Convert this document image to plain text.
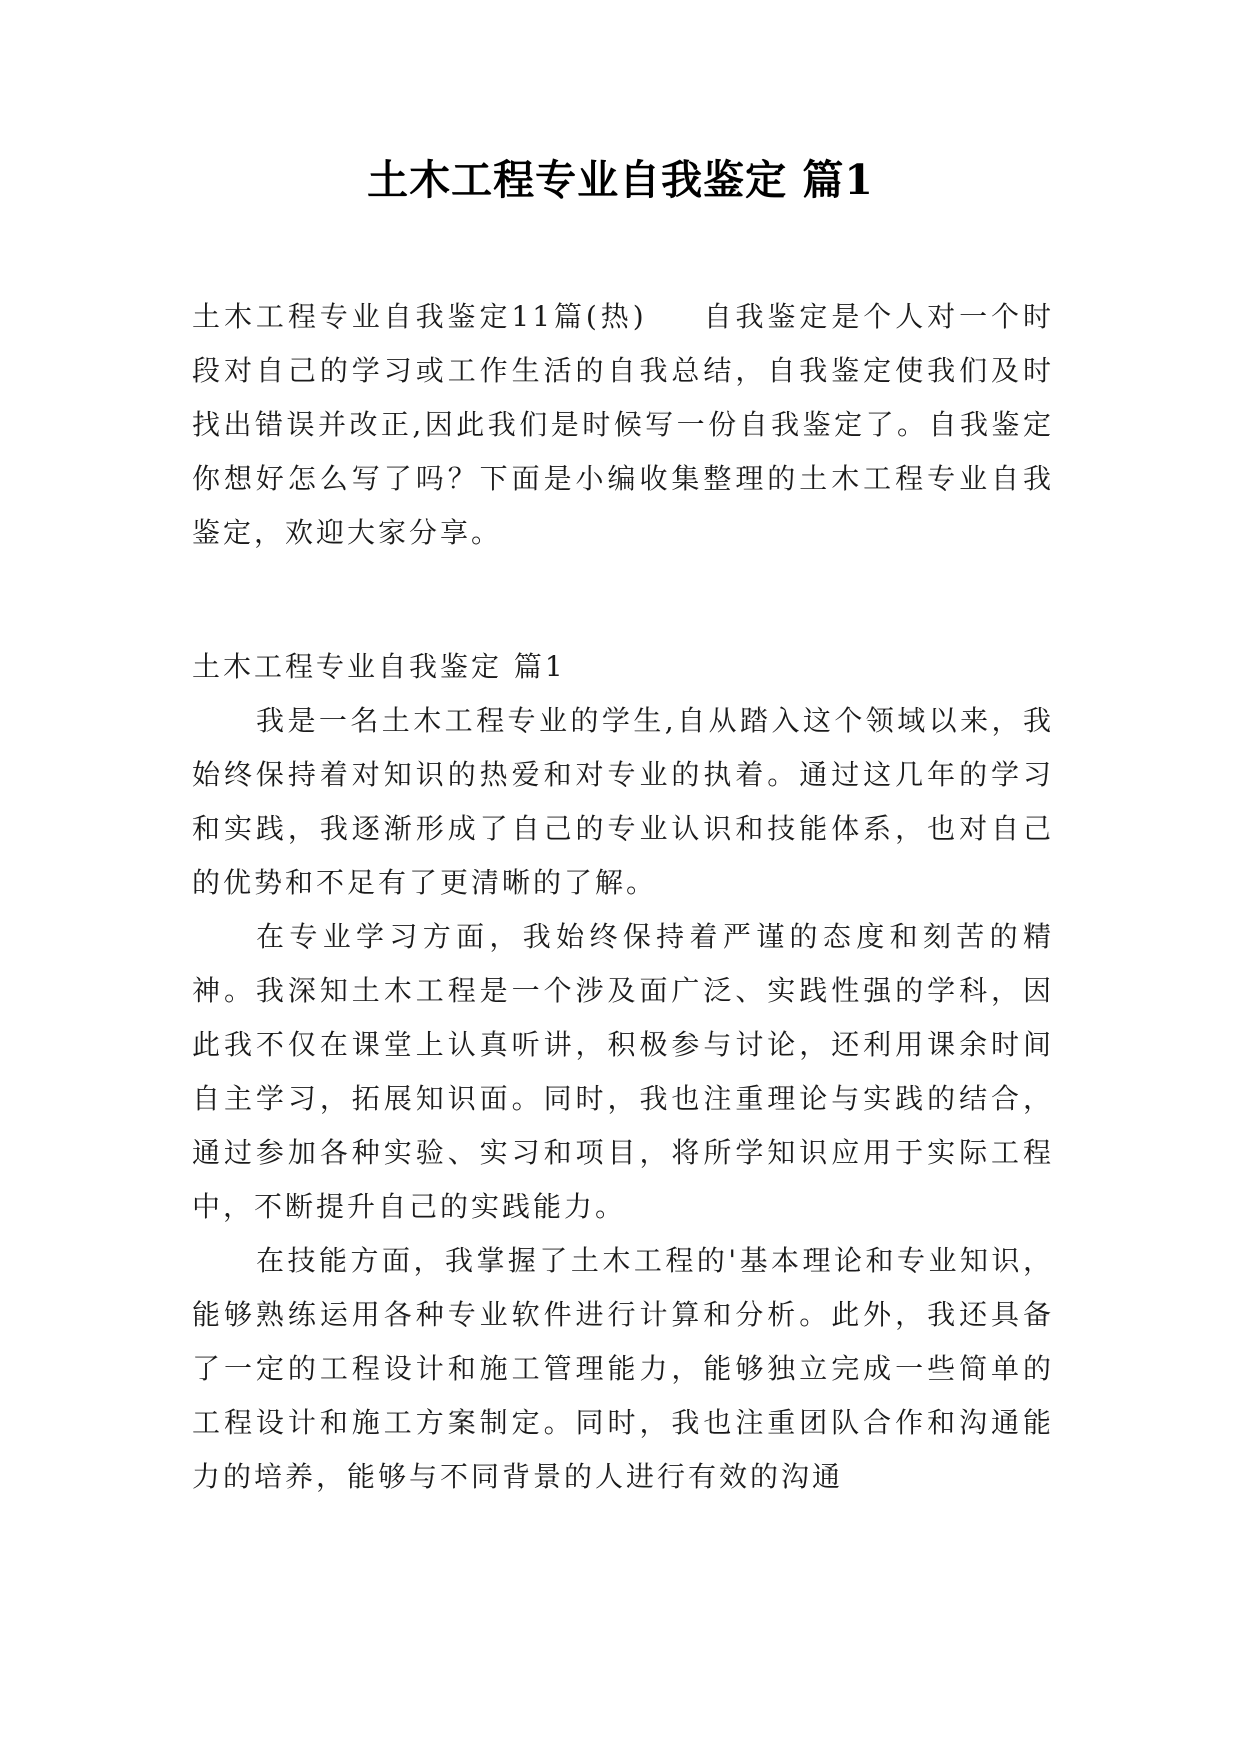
土木工程专业自我鉴定 篇1
土木工程专业自我鉴定11篇(热) 自我鉴定是个人对一个时段对自己的学习或工作生活的自我总结，自我鉴定使我们及时找出错误并改正,因此我们是时候写一份自我鉴定了。自我鉴定你想好怎么写了吗？下面是小编收集整理的土木工程专业自我鉴定，欢迎大家分享。
土木工程专业自我鉴定 篇1

我是一名土木工程专业的学生,自从踏入这个领域以来，我始终保持着对知识的热爱和对专业的执着。通过这几年的学习和实践，我逐渐形成了自己的专业认识和技能体系，也对自己的优势和不足有了更清晰的了解。

在专业学习方面，我始终保持着严谨的态度和刻苦的精神。我深知土木工程是一个涉及面广泛、实践性强的学科，因此我不仅在课堂上认真听讲，积极参与讨论，还利用课余时间自主学习，拓展知识面。同时，我也注重理论与实践的结合，通过参加各种实验、实习和项目，将所学知识应用于实际工程中，不断提升自己的实践能力。

在技能方面，我掌握了土木工程的'基本理论和专业知识，能够熟练运用各种专业软件进行计算和分析。此外，我还具备了一定的工程设计和施工管理能力，能够独立完成一些简单的工程设计和施工方案制定。同时，我也注重团队合作和沟通能力的培养，能够与不同背景的人进行有效的沟通
